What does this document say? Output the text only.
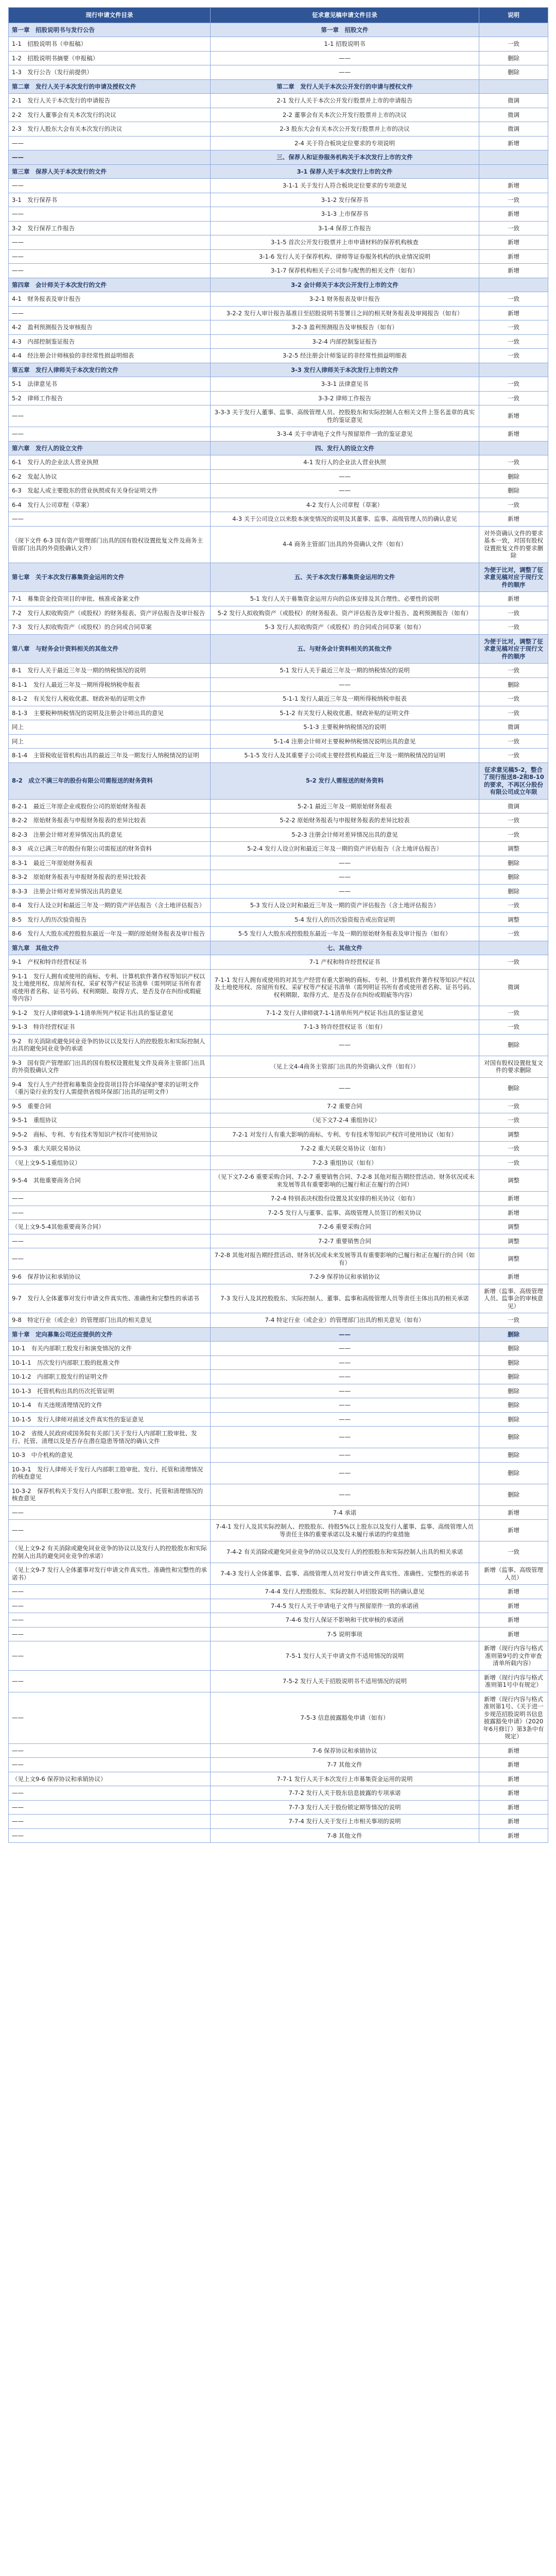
现行申请文件目录	征求意见稿申请文件目录	说明
第一章　招股说明书与发行公告	第一章　招股文件	
1-1　招股说明书（申报稿）	1-1 招股说明书	一致
1-2　招股说明书摘要（申报稿）	——	删除
1-3　发行公告（发行前提供）	——	删除
第二章　发行人关于本次发行的申请及授权文件	第二章　发行人关于本次公开发行的申请与授权文件	
2-1　发行人关于本次发行的申请报告	2-1 发行人关于本次公开发行股票并上市的申请报告	微调
2-2　发行人董事会有关本次发行的决议	2-2 董事会有关本次公开发行股票并上市的决议	微调
2-3　发行人股东大会有关本次发行的决议	2-3 股东大会有关本次公开发行股票并上市的决议	微调
——	2-4 关于符合板块定位要求的专项说明	新增
——	三、保荐人和证券服务机构关于本次发行上市的文件	
第三章　保荐人关于本次发行的文件	3-1 保荐人关于本次发行上市的文件	
——	3-1-1 关于发行人符合板块定位要求的专项意见	新增
3-1　发行保荐书	3-1-2 发行保荐书	一致
——	3-1-3 上市保荐书	新增
3-2　发行保荐工作报告	3-1-4 保荐工作报告	一致
——	3-1-5 首次公开发行股票并上市申请材料的保荐机构核查	新增
——	3-1-6 发行人关于保荐机构、律师等证券服务机构的执业情况说明	新增
——	3-1-7 保荐机构相关子公司参与配售的相关文件（如有）	新增
第四章　会计师关于本次发行的文件	3-2 会计师关于本次公开发行上市的文件	
4-1　财务报表及审计报告	3-2-1 财务报表及审计报告	一致
——	3-2-2 发行人审计报告基准日至招股说明书签署日之间的相关财务报表及审阅报告（如有）	新增
4-2　盈利预测报告及审核报告	3-2-3 盈利预测报告及审核报告（如有）	一致
4-3　内部控制鉴证报告	3-2-4 内部控制鉴证报告	一致
4-4　经注册会计师核验的非经常性损益明细表	3-2-5 经注册会计师鉴证的非经常性损益明细表	一致
第五章　发行人律师关于本次发行的文件	3-3 发行人律师关于本次发行上市的文件	
5-1　法律意见书	3-3-1 法律意见书	一致
5-2　律师工作报告	3-3-2 律师工作报告	一致
——	3-3-3 关于发行人董事、监事、高级管理人员、控股股东和实际控制人在相关文件上签名盖章的真实性的鉴证意见	新增
——	3-3-4 关于申请电子文件与预留原件一致的鉴证意见	新增
第六章　发行人的设立文件	四、发行人的设立文件	
6-1　发行人的企业法人营业执照	4-1 发行人的企业法人营业执照	一致
6-2　发起人协议	——	删除
6-3　发起人或主要股东的营业执照或有关身份证明文件	——	删除
6-4　发行人公司章程（草案）	4-2 发行人公司章程（草案）	一致
——	4-3 关于公司设立以来股本演变情况的说明及其董事、监事、高级管理人员的确认意见	新增
（现下文件 6-3 国有资产管理部门出具的国有股权设置批复文件及商务主管部门出具的外资股确认文件）	4-4 商务主管部门出具的外资确认文件（如有）	对外资确认文件的要求基本一致，对国有股权设置批复文件的要求删除
第七章　关于本次发行募集资金运用的文件	五、关于本次发行募集资金运用的文件	为便于比对，调整了征求意见稿对应于现行文件的顺序
7-1　募集资金投资项目的审批、核准或备案文件	5-1 发行人关于募集资金运用方向的总体安排及其合理性、必要性的说明	新增
7-2　发行人拟收购资产（或股权）的财务报表、资产评估报告及审计报告	5-2 发行人拟收购资产（或股权）的财务报表、资产评估报告及审计报告、盈利预测报告（如有）	一致
7-3　发行人拟收购资产（或股权）的合同或合同草案	5-3 发行人拟收购资产（或股权）的合同或合同草案（如有）	一致
第八章　与财务会计资料相关的其他文件	五、与财务会计资料相关的其他文件	为便于比对，调整了征求意见稿对应于现行文件的顺序
8-1　发行人关于最近三年及一期的纳税情况的说明	5-1 发行人关于最近三年及一期的纳税情况的说明	一致
8-1-1　发行人最近三年及一期所得税纳税申报表	——	删除
8-1-2　有关发行人税收优惠、财政补贴的证明文件	5-1-1 发行人最近三年及一期所得税纳税申报表	一致
8-1-3　主要税种纳税情况的说明及注册会计师出具的意见	5-1-2 有关发行人税收优惠、财政补贴的证明文件	一致
同上	5-1-3 主要税种纳税情况的说明	微调
同上	5-1-4 注册会计师对主要税种纳税情况说明出具的意见	一致
8-1-4　主管税收征管机构出具的最近三年及一期发行人纳税情况的证明	5-1-5 发行人及其重要子公司或主要经营机构最近三年及一期纳税情况的证明	一致
8-2　成立不满三年的股份有限公司需报送的财务资料	5-2 发行人需报送的财务资料	征求意见稿5-2，整合了现行报送8-2和8-10的要求，不再区分股份有限公司成立年限
8-2-1　最近三年原企业或股份公司的原始财务报表	5-2-1 最近三年及一期原始财务报表	微调
8-2-2　原始财务报表与申报财务报表的差异比较表	5-2-2 原始财务报表与申报财务报表的差异比较表	一致
8-2-3　注册会计师对差异情况出具的意见	5-2-3 注册会计师对差异情况出具的意见	一致
8-3　成立已满三年的股份有限公司需报送的财务资料	5-2-4 发行人设立时和最近三年及一期的资产评估报告（含土地评估报告）	调整
8-3-1　最近三年原始财务报表	——	删除
8-3-2　原始财务报表与申报财务报表的差异比较表	——	删除
8-3-3　注册会计师对差异情况出具的意见	——	删除
8-4　发行人设立时和最近三年及一期的资产评估报告（含土地评估报告）	5-3 发行人设立时和最近三年及一期的资产评估报告（含土地评估报告）	一致
8-5　发行人的历次验资报告	5-4 发行人的历次验资报告或出资证明	调整
8-6　发行人大股东或控股股东最近一年及一期的原始财务报表及审计报告	5-5 发行人大股东或控股股东最近一年及一期的原始财务报表及审计报告（如有）	一致
第九章　其他文件	七、其他文件	
9-1　产权和特许经营权证书	7-1 产权和特许经营权证书	一致
9-1-1　发行人拥有或使用的商标、专利、计算机软件著作权等知识产权以及土地使用权、房屋所有权、采矿权等产权证书清单（需列明证书所有者或使用者名称、证书号码、权利期限、取得方式、是否及存在纠纷或瑕疵等内容）	7-1-1 发行人拥有或使用的对其生产经营有重大影响的商标、专利、计算机软件著作权等知识产权以及土地使用权、房屋所有权、采矿权等产权证书清单（需列明证书所有者或使用者名称、证书号码、权利期限、取得方式、是否及存在纠纷或瑕疵等内容）	微调
9-1-2　发行人律师就9-1-1清单所列产权证书出具的鉴证意见	7-1-2 发行人律师就7-1-1清单所列产权证书出具的鉴证意见	一致
9-1-3　特许经营权证书	7-1-3 特许经营权证书（如有）	一致
9-2　有关消除或避免同业竞争的协议以及发行人的控股股东和实际控制人出具的避免同业竞争的承诺	——	删除
9-3　国有资产管理部门出具的国有股权设置批复文件及商务主管部门出具的外资股确认文件	（见上文4-4商务主管部门出具的外资确认文件（如有））	对国有股权设置批复文件的要求删除
9-4　发行人生产经营和募集资金投资项目符合环境保护要求的证明文件（重污染行业的发行人需提供省级环保部门出具的证明文件）	——	删除
9-5　重要合同	7-2 重要合同	一致
9-5-1　重组协议	（见下文7-2-4 重组协议）	一致
9-5-2　商标、专利、专有技术等知识产权许可使用协议	7-2-1 对发行人有重大影响的商标、专利、专有技术等知识产权许可使用协议（如有）	调整
9-5-3　重大关联交易协议	7-2-2 重大关联交易协议（如有）	一致
（见上文9-5-1重组协议）	7-2-3 重组协议（如有）	一致
9-5-4　其他重要商务合同	（见下文7-2-6 重要采购合同、7-2-7 重要销售合同、7-2-8 其他对报告期经营活动、财务状况或未来发展等具有重要影响的已履行和正在履行的合同）	调整
——	7-2-4 特别表决权股份设置及其安排的相关协议（如有）	新增
——	7-2-5 发行人与董事、监事、高级管理人员签订的相关协议	新增
（见上文9-5-4其他重要商务合同）	7-2-6 重要采购合同	调整
——	7-2-7 重要销售合同	调整
——	7-2-8 其他对报告期经营活动、财务状况或未来发展等具有重要影响的已履行和正在履行的合同（如有）	调整
9-6　保荐协议和承销协议	7-2-9 保荐协议和承销协议	新增
9-7　发行人全体董事对发行申请文件真实性、准确性和完整性的承诺书	7-3 发行人及其控股股东、实际控制人、董事、监事和高级管理人员等责任主体出具的相关承诺	新增（监事、高级管理人员、监事会的审核意见）
9-8　特定行业（或企业）的管理部门出具的相关意见	7-4 特定行业（或企业）的管理部门出具的相关意见（如有）	一致
第十章　定向募集公司还应提供的文件	——	删除
10-1　有关内部职工股发行和演变情况的文件	——	删除
10-1-1　历次发行内部职工股的批准文件	——	删除
10-1-2　内部职工股发行的证明文件	——	删除
10-1-3　托管机构出具的历次托管证明	——	删除
10-1-4　有关违规清理情况的文件	——	删除
10-1-5　发行人律师对前述文件真实性的鉴证意见	——	删除
10-2　省级人民政府或国务院有关部门关于发行人内部职工股审批、发行、托管、清理以及是否存在潜在隐患等情况的确认文件	——	删除
10-3　中介机构的意见	——	删除
10-3-1　发行人律师关于发行人内部职工股审批、发行、托管和清理情况的核查意见	——	删除
10-3-2　保荐机构关于发行人内部职工股审批、发行、托管和清理情况的核查意见	——	删除
——	7-4 承诺	新增
——	7-4-1 发行人及其实际控制人、控股股东、持股5%以上股东以及发行人董事、监事、高级管理人员等责任主体的重要承诺以及未履行承诺的约束措施	新增
（见上文9-2 有关消除或避免同业竞争的协议以及发行人的控股股东和实际控制人出具的避免同业竞争的承诺）	7-4-2 有关消除或避免同业竞争的协议以及发行人的控股股东和实际控制人出具的相关承诺	一致
（见上文9-7 发行人全体董事对发行申请文件真实性、准确性和完整性的承诺书）	7-4-3 发行人全体董事、监事、高级管理人员对发行申请文件真实性、准确性、完整性的承诺书	新增（监事、高级管理人员）
——	7-4-4 发行人控股股东、实际控制人对招股说明书的确认意见	新增
——	7-4-5 发行人关于申请电子文件与预留原件一致的承诺函	新增
——	7-4-6 发行人保证不影响和干扰审核的承诺函	新增
——	7-5 说明事项	新增
——	7-5-1 发行人关于申请文件不适用情况的说明	新增（现行内容与格式准则第9号的文件审查清单所载内容）
——	7-5-2 发行人关于招股说明书不适用情况的说明	新增（现行内容与格式准则第1号中有规定）
——	7-5-3 信息披露豁免申请（如有）	新增（现行内容与格式准则第1号、《关于进一步规范招股说明书信息披露豁免申请》（2020年6月修订）第3条中有规定）
——	7-6 保荐协议和承销协议	新增
——	7-7 其他文件	新增
（见上文9-6 保荐协议和承销协议）	7-7-1 发行人关于本次发行上市募集资金运用的说明	新增
——	7-7-2 发行人关于股东信息披露的专项承诺	新增
——	7-7-3 发行人关于股份锁定期等情况的说明	新增
——	7-7-4 发行人关于发行上市相关事项的说明	新增
——	7-8 其他文件	新增
